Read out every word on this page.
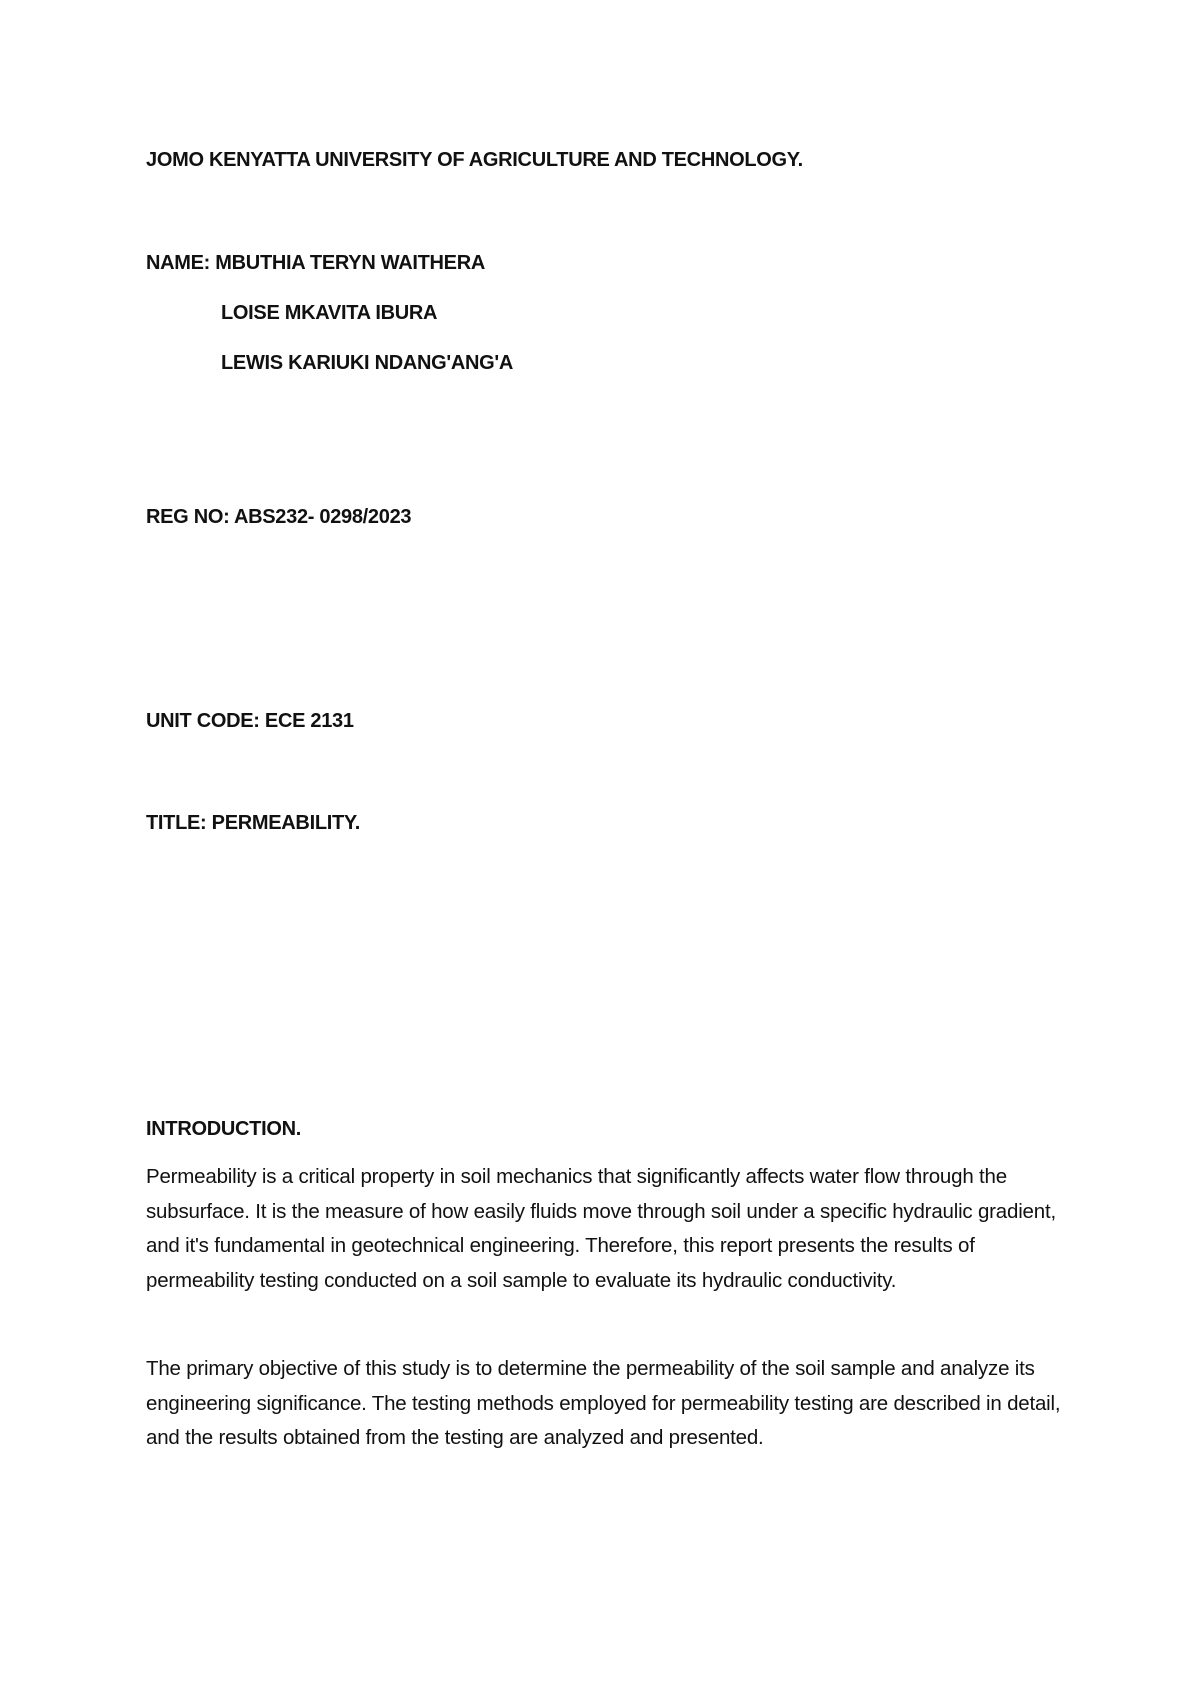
JOMO KENYATTA UNIVERSITY OF AGRICULTURE AND TECHNOLOGY.
NAME: MBUTHIA TERYN WAITHERA
LOISE MKAVITA IBURA
LEWIS KARIUKI NDANG'ANG'A
REG NO: ABS232- 0298/2023
UNIT CODE: ECE 2131
TITLE: PERMEABILITY.
INTRODUCTION.

Permeability is a critical property in soil mechanics that significantly affects water flow through the subsurface. It is the measure of how easily fluids move through soil under a specific hydraulic gradient, and it's fundamental in geotechnical engineering. Therefore, this report presents the results of permeability testing conducted on a soil sample to evaluate its hydraulic conductivity.

The primary objective of this study is to determine the permeability of the soil sample and analyze its engineering significance. The testing methods employed for permeability testing are described in detail, and the results obtained from the testing are analyzed and presented.
